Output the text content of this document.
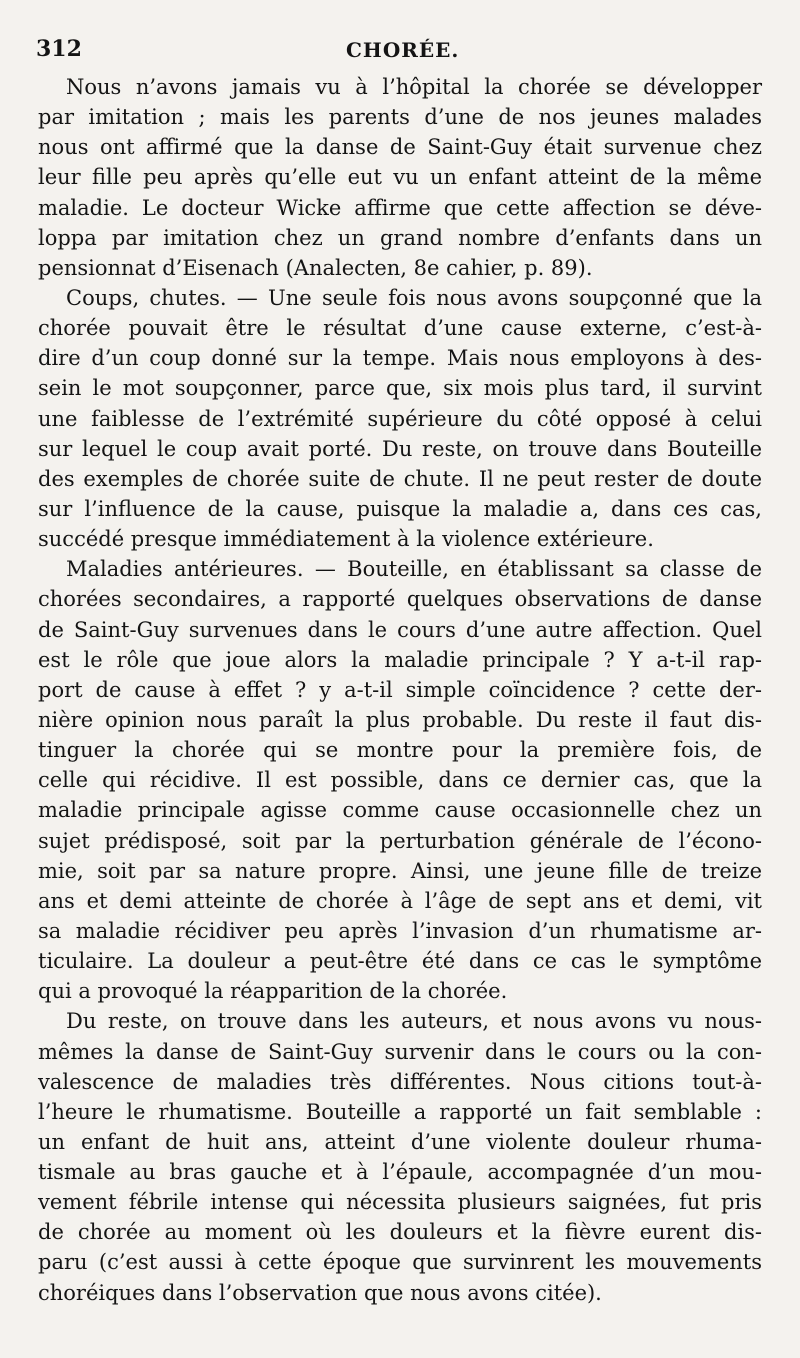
312	CHORÉE.
Nous n’avons jamais vu à l’hôpital la chorée se développer
par imitation ; mais les parents d’une de nos jeunes malades
nous ont affirmé que la danse de Saint-Guy était survenue chez
leur fille peu après qu’elle eut vu un enfant atteint de la même
maladie. Le docteur Wicke affirme que cette affection se déve-
loppa par imitation chez un grand nombre d’enfants dans un
pensionnat d’Eisenach (Analecten, 8e cahier, p. 89).
Coups, chutes. — Une seule fois nous avons soupçonné que la
chorée pouvait être le résultat d’une cause externe, c’est-à-
dire d’un coup donné sur la tempe. Mais nous employons à des-
sein le mot soupçonner, parce que, six mois plus tard, il survint
une faiblesse de l’extrémité supérieure du côté opposé à celui
sur lequel le coup avait porté. Du reste, on trouve dans Bouteille
des exemples de chorée suite de chute. Il ne peut rester de doute
sur l’influence de la cause, puisque la maladie a, dans ces cas,
succédé presque immédiatement à la violence extérieure.
Maladies antérieures. — Bouteille, en établissant sa classe de
chorées secondaires, a rapporté quelques observations de danse
de Saint-Guy survenues dans le cours d’une autre affection. Quel
est le rôle que joue alors la maladie principale ? Y a-t-il rap-
port de cause à effet ? y a-t-il simple coïncidence ? cette der-
nière opinion nous paraît la plus probable. Du reste il faut dis-
tinguer la chorée qui se montre pour la première fois, de
celle qui récidive. Il est possible, dans ce dernier cas, que la
maladie principale agisse comme cause occasionnelle chez un
sujet prédisposé, soit par la perturbation générale de l’écono-
mie, soit par sa nature propre. Ainsi, une jeune fille de treize
ans et demi atteinte de chorée à l’âge de sept ans et demi, vit
sa maladie récidiver peu après l’invasion d’un rhumatisme ar-
ticulaire. La douleur a peut-être été dans ce cas le symptôme
qui a provoqué la réapparition de la chorée.
Du reste, on trouve dans les auteurs, et nous avons vu nous-
mêmes la danse de Saint-Guy survenir dans le cours ou la con-
valescence de maladies très différentes. Nous citions tout-à-
l’heure le rhumatisme. Bouteille a rapporté un fait semblable :
un enfant de huit ans, atteint d’une violente douleur rhuma-
tismale au bras gauche et à l’épaule, accompagnée d’un mou-
vement fébrile intense qui nécessita plusieurs saignées, fut pris
de chorée au moment où les douleurs et la fièvre eurent dis-
paru (c’est aussi à cette époque que survinrent les mouvements
choréiques dans l’observation que nous avons citée).
